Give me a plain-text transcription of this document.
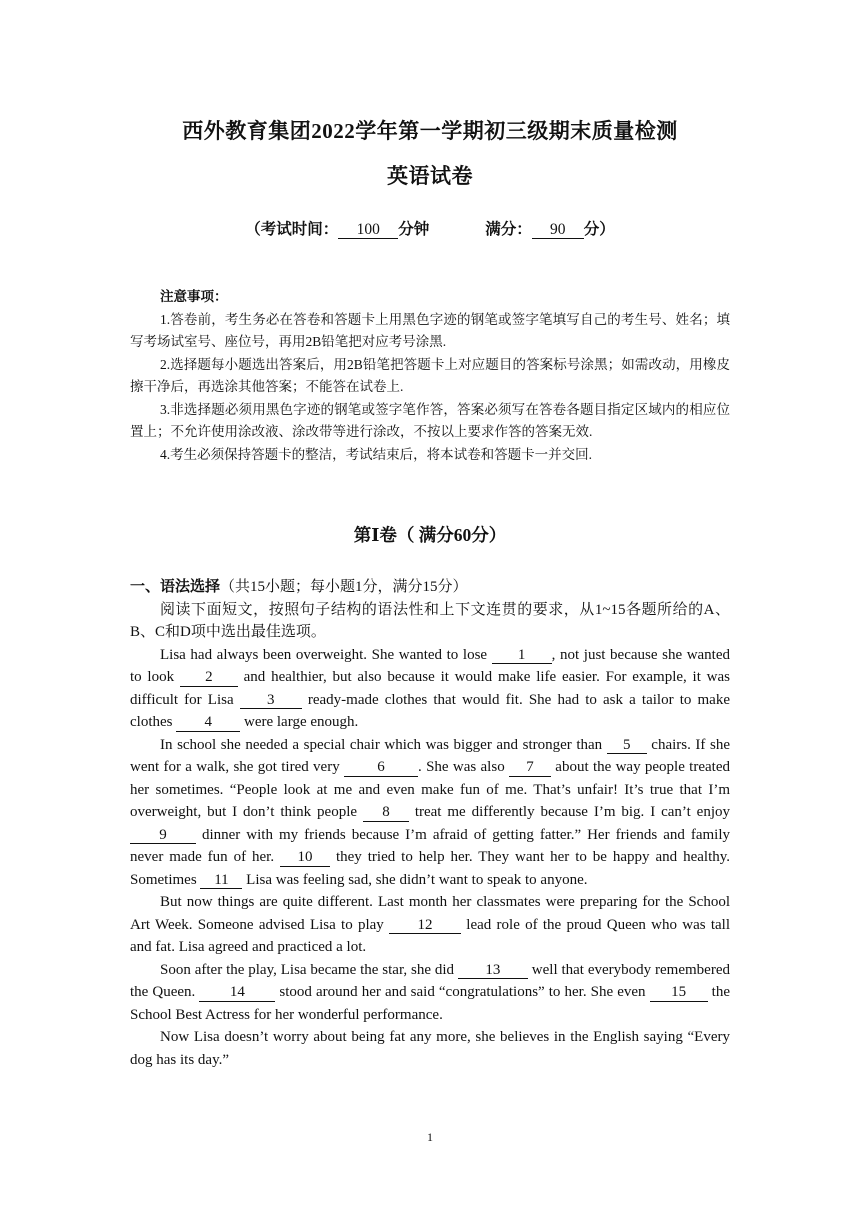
西外教育集团2022学年第一学期初三级期末质量检测
英语试卷
（考试时间： 100 分钟	满分： 90 分）
注意事项：

1.答卷前，考生务必在答卷和答题卡上用黑色字迹的钢笔或签字笔填写自己的考生号、姓名；填写考场试室号、座位号，再用2B铅笔把对应考号涂黑.

2.选择题每小题选出答案后，用2B铅笔把答题卡上对应题目的答案标号涂黑；如需改动，用橡皮擦干净后，再选涂其他答案；不能答在试卷上.

3.非选择题必须用黑色字迹的钢笔或签字笔作答，答案必须写在答卷各题目指定区域内的相应位置上；不允许使用涂改液、涂改带等进行涂改，不按以上要求作答的答案无效.

4.考生必须保持答题卡的整洁，考试结束后，将本试卷和答题卡一并交回.

第Ⅰ卷（ 满分60分）
一、语法选择（共15小题；每小题1分，满分15分）

阅读下面短文，按照句子结构的语法性和上下文连贯的要求，从1~15各题所给的A、B、C和D项中选出最佳选项。

Lisa had always been overweight. She wanted to lose 1 , not just because she wanted to look 2 and healthier, but also because it would make life easier. For example, it was difficult for Lisa 3 ready-made clothes that would fit. She had to ask a tailor to make clothes 4 were large enough.

In school she needed a special chair which was bigger and stronger than 5 chairs. If she went for a walk, she got tired very 6 . She was also 7 about the way people treated her sometimes. “People look at me and even make fun of me. That’s unfair! It’s true that I’m overweight, but I don’t think people 8 treat me differently because I’m big. I can’t enjoy 9 dinner with my friends because I’m afraid of getting fatter.” Her friends and family never made fun of her. 10 they tried to help her. They want her to be happy and healthy. Sometimes 11 Lisa was feeling sad, she didn’t want to speak to anyone.

But now things are quite different. Last month her classmates were preparing for the School Art Week. Someone advised Lisa to play 12 lead role of the proud Queen who was tall and fat. Lisa agreed and practiced a lot.

Soon after the play, Lisa became the star, she did 13 well that everybody remembered the Queen. 14 stood around her and said “congratulations” to her. She even 15 the School Best Actress for her wonderful performance.

Now Lisa doesn’t worry about being fat any more, she believes in the English saying “Every dog has its day.”

1
